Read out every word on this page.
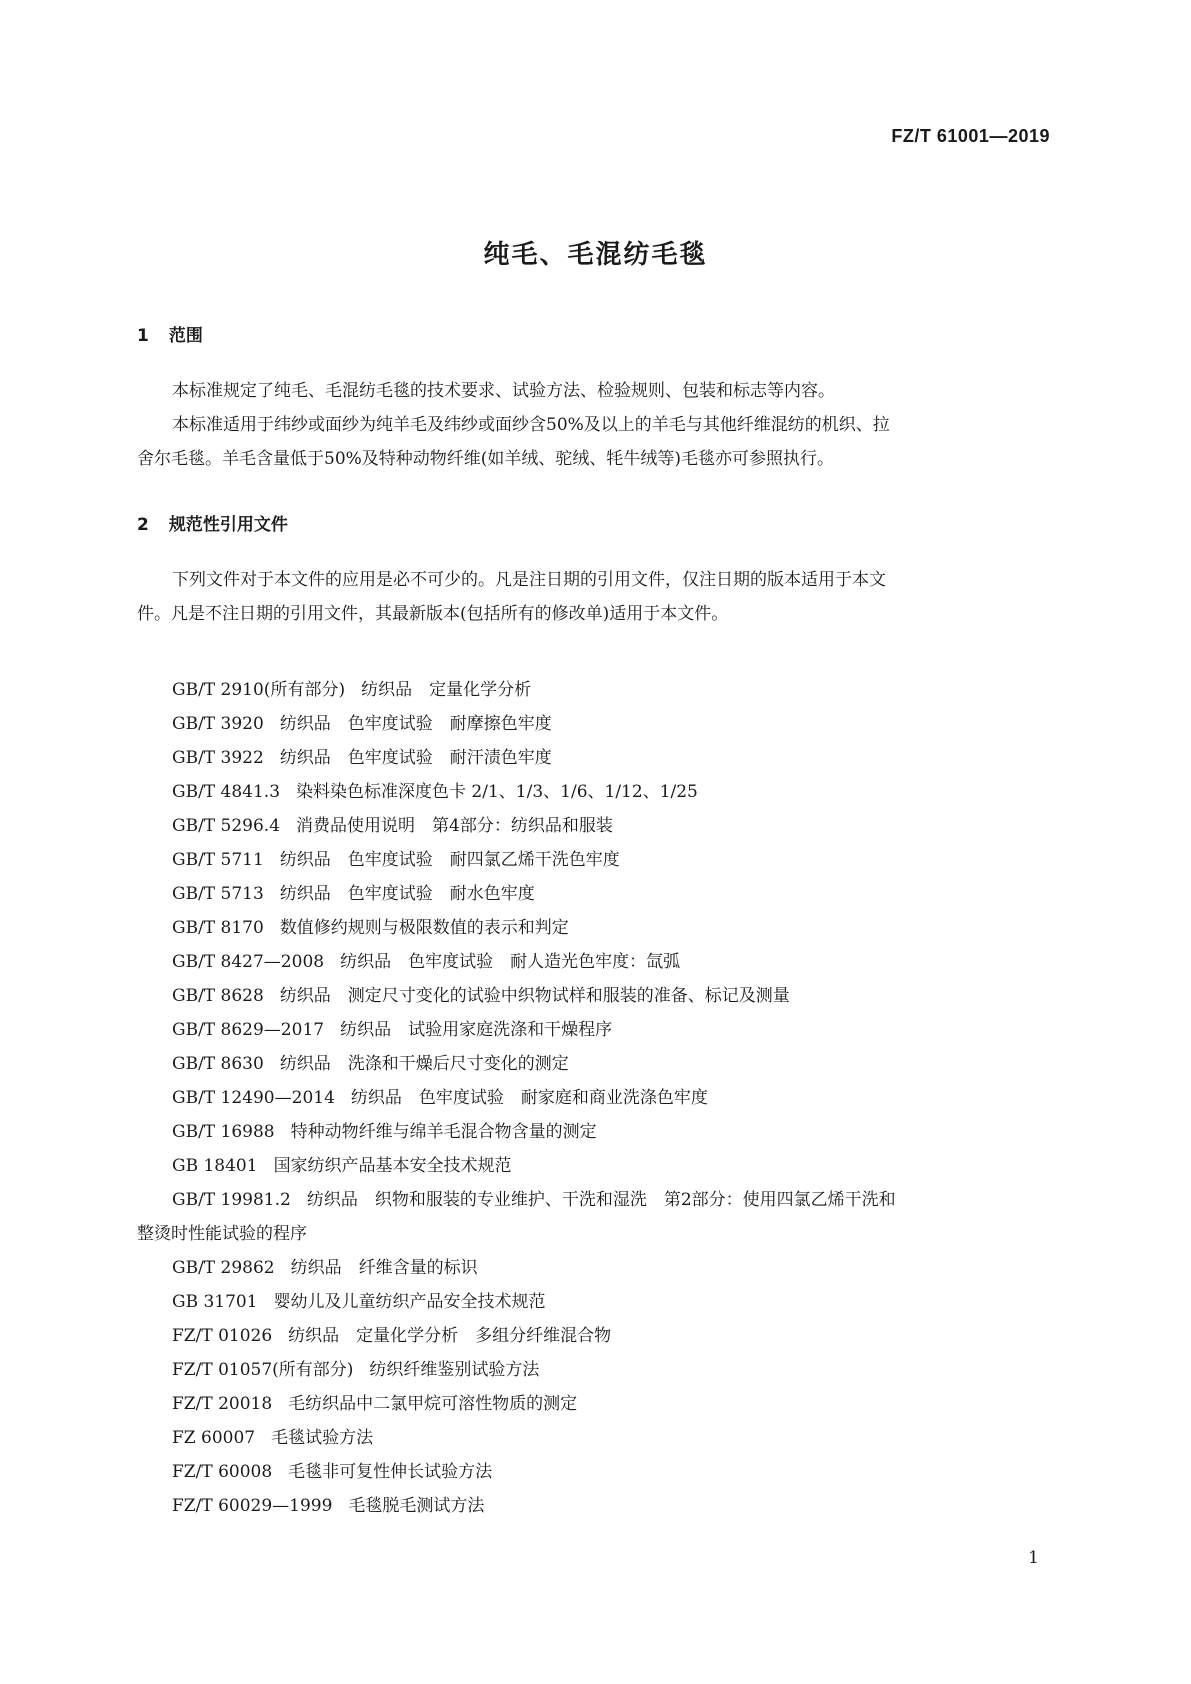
FZ/T 61001—2019
纯毛、毛混纺毛毯
1 范围

本标准规定了纯毛、毛混纺毛毯的技术要求、试验方法、检验规则、包装和标志等内容。

本标准适用于纬纱或面纱为纯羊毛及纬纱或面纱含50%及以上的羊毛与其他纤维混纺的机织、拉
舍尔毛毯。羊毛含量低于50%及特种动物纤维(如羊绒、驼绒、牦牛绒等)毛毯亦可参照执行。

2 规范性引用文件

下列文件对于本文件的应用是必不可少的。凡是注日期的引用文件，仅注日期的版本适用于本文
件。凡是不注日期的引用文件，其最新版本(包括所有的修改单)适用于本文件。

GB/T 2910(所有部分) 纺织品　定量化学分析
GB/T 3920 纺织品　色牢度试验　耐摩擦色牢度
GB/T 3922 纺织品　色牢度试验　耐汗渍色牢度
GB/T 4841.3 染料染色标准深度色卡 2/1、1/3、1/6、1/12、1/25
GB/T 5296.4 消费品使用说明　第4部分：纺织品和服装
GB/T 5711 纺织品　色牢度试验　耐四氯乙烯干洗色牢度
GB/T 5713 纺织品　色牢度试验　耐水色牢度
GB/T 8170 数值修约规则与极限数值的表示和判定
GB/T 8427—2008 纺织品　色牢度试验　耐人造光色牢度：氙弧
GB/T 8628 纺织品　测定尺寸变化的试验中织物试样和服装的准备、标记及测量
GB/T 8629—2017 纺织品　试验用家庭洗涤和干燥程序
GB/T 8630 纺织品　洗涤和干燥后尺寸变化的测定
GB/T 12490—2014 纺织品　色牢度试验　耐家庭和商业洗涤色牢度
GB/T 16988 特种动物纤维与绵羊毛混合物含量的测定
GB 18401 国家纺织产品基本安全技术规范
GB/T 19981.2 纺织品　织物和服装的专业维护、干洗和湿洗　第2部分：使用四氯乙烯干洗和
整烫时性能试验的程序
GB/T 29862 纺织品　纤维含量的标识
GB 31701 婴幼儿及儿童纺织产品安全技术规范
FZ/T 01026 纺织品　定量化学分析　多组分纤维混合物
FZ/T 01057(所有部分) 纺织纤维鉴别试验方法
FZ/T 20018 毛纺织品中二氯甲烷可溶性物质的测定
FZ 60007 毛毯试验方法
FZ/T 60008 毛毯非可复性伸长试验方法
FZ/T 60029—1999 毛毯脱毛测试方法
1
